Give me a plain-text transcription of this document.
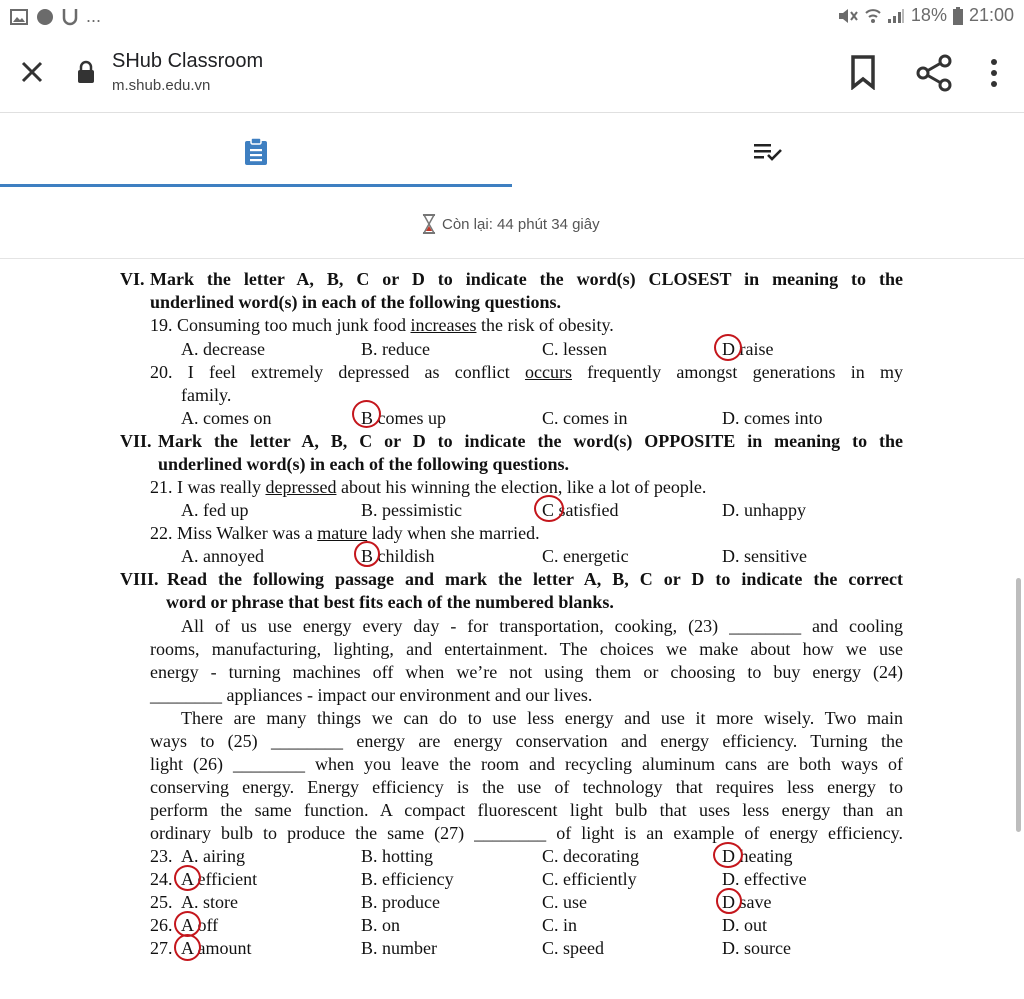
...	18% 21:00
SHub Classroom
m.shub.edu.vn
Còn lại: 44 phút 34 giây
VI. Mark the letter A, B, C or D to indicate the word(s) CLOSEST in meaning to the
underlined word(s) in each of the following questions.
19. Consuming too much junk food increases the risk of obesity.
A. decrease	B. reduce	C. lessen	D raise
20. I feel extremely depressed as conflict occurs frequently amongst generations in my
family.
A. comes on	B comes up	C. comes in	D. comes into
VII. Mark the letter A, B, C or D to indicate the word(s) OPPOSITE in meaning to the
underlined word(s) in each of the following questions.
21. I was really depressed about his winning the election, like a lot of people.
A. fed up	B. pessimistic	C satisfied	D. unhappy
22. Miss Walker was a mature lady when she married.
A. annoyed	B childish	C. energetic	D. sensitive
VIII. Read the following passage and mark the letter A, B, C or D to indicate the correct
word or phrase that best fits each of the numbered blanks.
All of us use energy every day - for transportation, cooking, (23) ________ and cooling
rooms, manufacturing, lighting, and entertainment. The choices we make about how we use
energy - turning machines off when we’re not using them or choosing to buy energy (24)
________ appliances - impact our environment and our lives.
There are many things we can do to use less energy and use it more wisely. Two main
ways to (25) ________ energy are energy conservation and energy efficiency. Turning the
light (26) ________ when you leave the room and recycling aluminum cans are both ways of
conserving energy. Energy efficiency is the use of technology that requires less energy to
perform the same function. A compact fluorescent light bulb that uses less energy than an
ordinary bulb to produce the same (27) ________ of light is an example of energy efficiency.
23. A. airing	B. hotting	C. decorating	D heating
24. A efficient	B. efficiency	C. efficiently	D. effective
25. A. store	B. produce	C. use	D save
26. A off	B. on	C. in	D. out
27. A amount	B. number	C. speed	D. source
